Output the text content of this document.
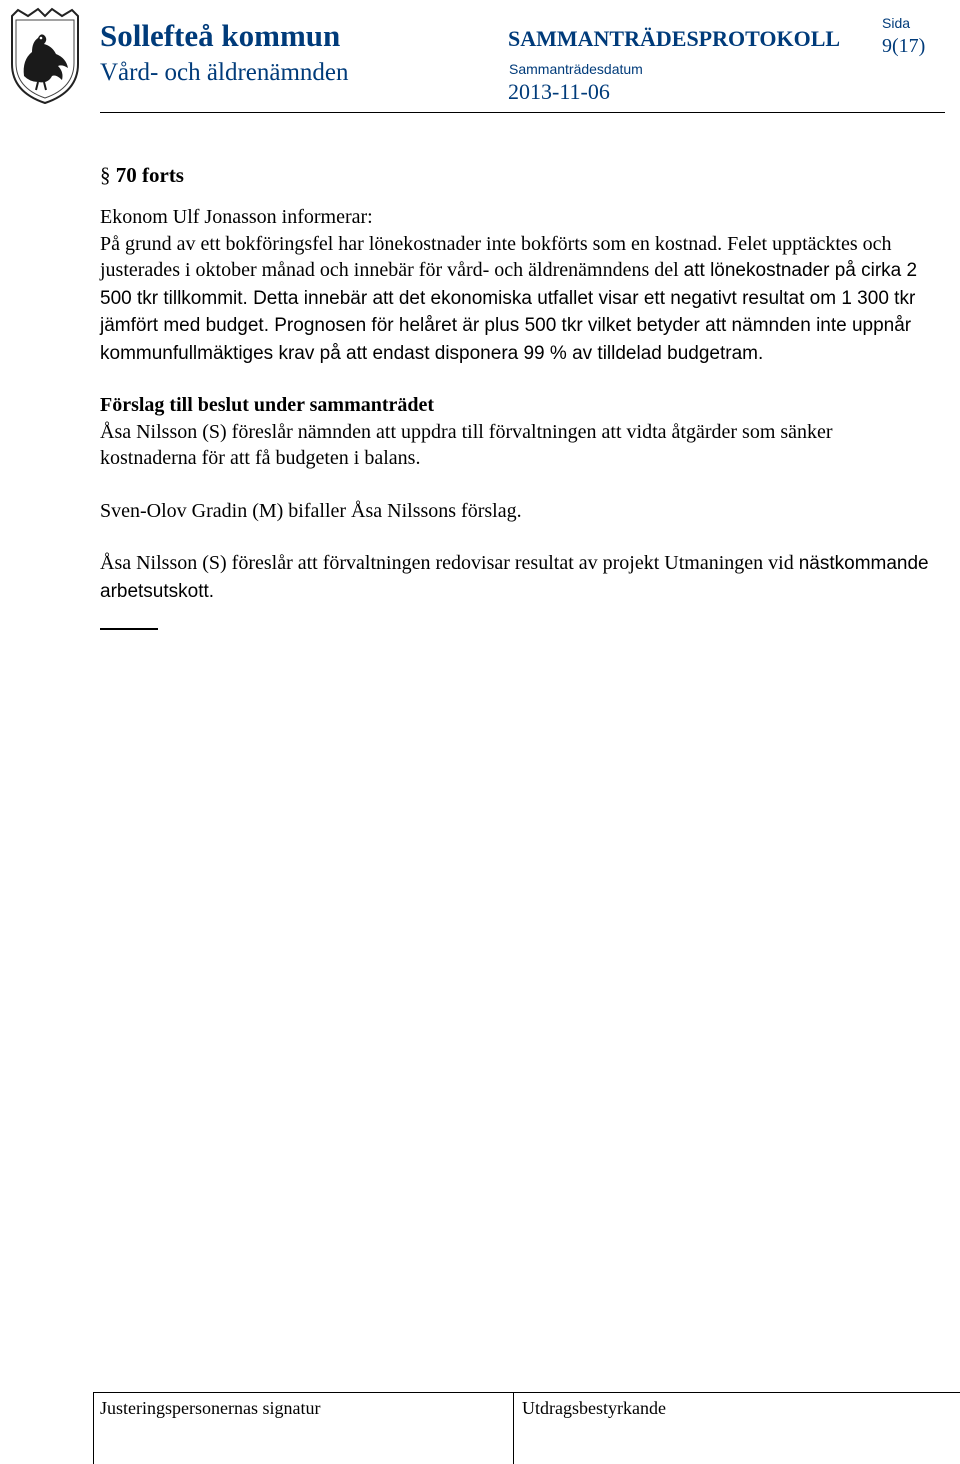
Sollefteå kommun
Vård- och äldrenämnden
SAMMANTRÄDESPROTOKOLL
Sammanträdesdatum
2013-11-06
Sida
9(17)
§ 70 forts

Ekonom Ulf Jonasson informerar:

På grund av ett bokföringsfel har lönekostnader inte bokförts som en kostnad. Felet upptäcktes och justerades i oktober månad och innebär för vård- och äldrenämndens del att lönekostnader på cirka 2 500 tkr tillkommit. Detta innebär att det ekonomiska utfallet visar ett negativt resultat om 1 300 tkr jämfört med budget. Prognosen för helåret är plus 500 tkr vilket betyder att nämnden inte uppnår kommunfullmäktiges krav på att endast disponera 99 % av tilldelad budgetram.

Förslag till beslut under sammanträdet

Åsa Nilsson (S) föreslår nämnden att uppdra till förvaltningen att vidta åtgärder som sänker kostnaderna för att få budgeten i balans.

Sven-Olov Gradin (M) bifaller Åsa Nilssons förslag.

Åsa Nilsson (S) föreslår att förvaltningen redovisar resultat av projekt Utmaningen vid nästkommande arbetsutskott.

Justeringspersonernas signatur	Utdragsbestyrkande
